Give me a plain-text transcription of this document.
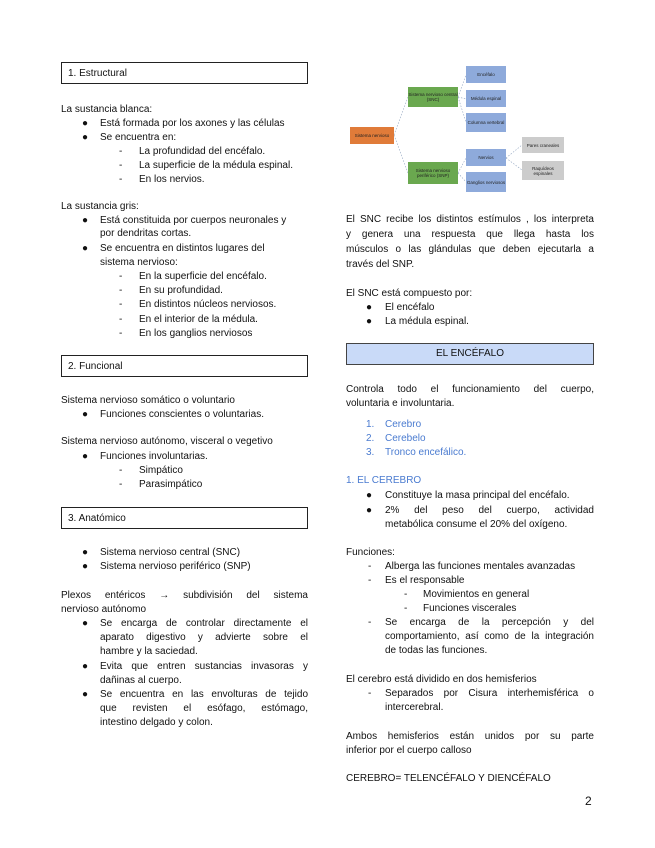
1. Estructural
La sustancia blanca:
● Está formada por los axones y las células
● Se encuentra en:
- La profundidad del encéfalo.
- La superficie de la médula espinal.
- En los nervios.
La sustancia gris:
● Está constituida por cuerpos neuronales y
por dendritas cortas.
● Se encuentra en distintos lugares del
sistema nervioso:
- En la superficie del encéfalo.
- En su profundidad.
- En distintos núcleos nerviosos.
- En el interior de la médula.
- En los ganglios nerviosos
2. Funcional
Sistema nervioso somático o voluntario
● Funciones conscientes o voluntarias.
Sistema nervioso autónomo, visceral o vegetivo
● Funciones involuntarias.
- Simpático
- Parasimpático
3. Anatómico
● Sistema nervioso central (SNC)
● Sistema nervioso periférico (SNP)
Plexos entéricos → subdivisión del sistema
nervioso autónomo
● Se encarga de controlar directamente el
aparato digestivo y advierte sobre el
hambre y la saciedad.
● Evita que entren sustancias invasoras y
dañinas al cuerpo.
● Se encuentra en las envolturas de tejido
que revisten el esófago, estómago,
intestino delgado y colon.
Sistema nervioso
Sistema nervioso central (SNC)
Sistema nervioso periférico (SNP)
Encéfalo
Médula espinal
Columna vertebral
Nervios
Ganglios nerviosos
Pares craneales
Raquídeos espinales
El SNC recibe los distintos estímulos , los interpreta
y genera una respuesta que llega hasta los
músculos o las glándulas que deben ejecutarla a
través del SNP.
El SNC está compuesto por:
● El encéfalo
● La médula espinal.
EL ENCÉFALO
Controla todo el funcionamiento del cuerpo,
voluntaria e involuntaria.
1. Cerebro
2. Cerebelo
3. Tronco encefálico.
1. EL CEREBRO
● Constituye la masa principal del encéfalo.
● 2% del peso del cuerpo, actividad
metabólica consume el 20% del oxígeno.
Funciones:
- Alberga las funciones mentales avanzadas
- Es el responsable
- Movimientos en general
- Funciones viscerales
- Se encarga de la percepción y del
comportamiento, así como de la integración
de todas las funciones.
El cerebro está dividido en dos hemisferios
- Separados por Cisura interhemisférica o
intercerebral.
Ambos hemisferios están unidos por su parte
inferior por el cuerpo calloso
CEREBRO= TELENCÉFALO Y DIENCÉFALO
2
